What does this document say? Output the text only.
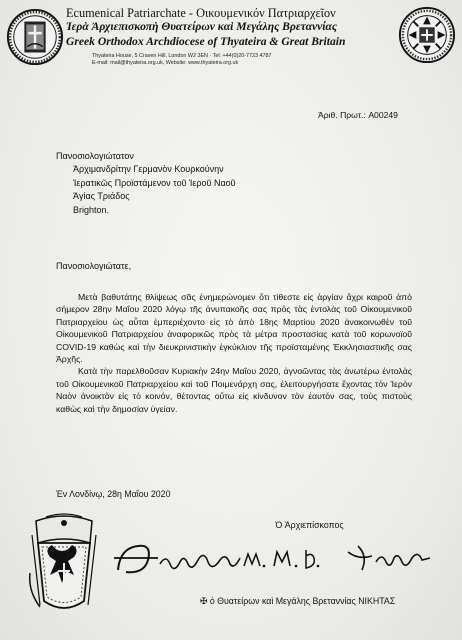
Ecumenical Patriarchate - Οικουμενικόν Πατριαρχεῖον
Ἱερὰ Ἀρχιεπισκοπὴ Θυατείρων καὶ Μεγάλης Βρεταννίας
Greek Orthodox Archdiocese of Thyateira & Great Britain
Thyateira House, 5 Craven Hill, London W2 3EN · Tel: +44(0)20-7723 4787
E-mail: mail@thyateira.org.uk, Website: www.thyateira.org.uk
Ἀριθ. Πρωτ.: A00249
Πανοσιολογιώτατον
Ἀρχιμανδρίτην Γερμανὸν Κουρκούνην
Ἱερατικῶς Προϊστάμενον τοῦ Ἱεροῦ Ναοῦ
Ἁγίας Τριάδος
Brighton.
Πανοσιολογιώτατε,

Μετὰ βαθυτάτης θλίψεως σᾶς ἐνημερώνομεν ὅτι τίθεστε εἰς ἀργίαν ἄχρι καιροῦ ἀπὸ σήμερον 28ην Μαΐου 2020 λόγῳ τῆς ἀνυπακοῆς σας πρὸς τὰς ἐντολὰς τοῦ Οἰκουμενικοῦ Πατριαρχείου ὡς αὗται ἐμπεριέχοντο εἰς τὸ ἀπὸ 18ης Μαρτίου 2020 ἀνακοινωθὲν τοῦ Οἰκουμενικοῦ Πατριαρχείου ἀναφορικῶς πρὸς τὰ μέτρα προστασίας κατὰ τοῦ κορωνοϊοῦ COVID-19 καθὼς καὶ τὴν διευκρινιστικὴν ἐγκύκλιον τῆς προϊσταμένης Ἐκκλησιαστικῆς σας Ἀρχῆς.

Κατὰ τὴν παρελθοῦσαν Κυριακὴν 24ην Μαΐου 2020, ἀγνοῶντας τὰς ἀνωτέρω ἐντολὰς τοῦ Οἰκουμενικοῦ Πατριαρχείου καὶ τοῦ Ποιμενάρχη σας, ἐλειτουργήσατε ἔχοντας τὸν Ἱερὸν Ναὸν ἀνοικτὸν εἰς τὸ κοινόν, θέτοντας οὕτω εἰς κίνδυνον τὸν ἑαυτόν σας, τοὺς πιστοὺς καθὼς καὶ τὴν δημοσίαν ὑγείαν.

Ἐν Λονδίνῳ, 28η Μαΐου 2020
Ὁ Ἀρχιεπίσκοπος
✠ ὁ Θυατείρων καὶ Μεγάλης Βρεταννίας ΝΙΚΗΤΑΣ
